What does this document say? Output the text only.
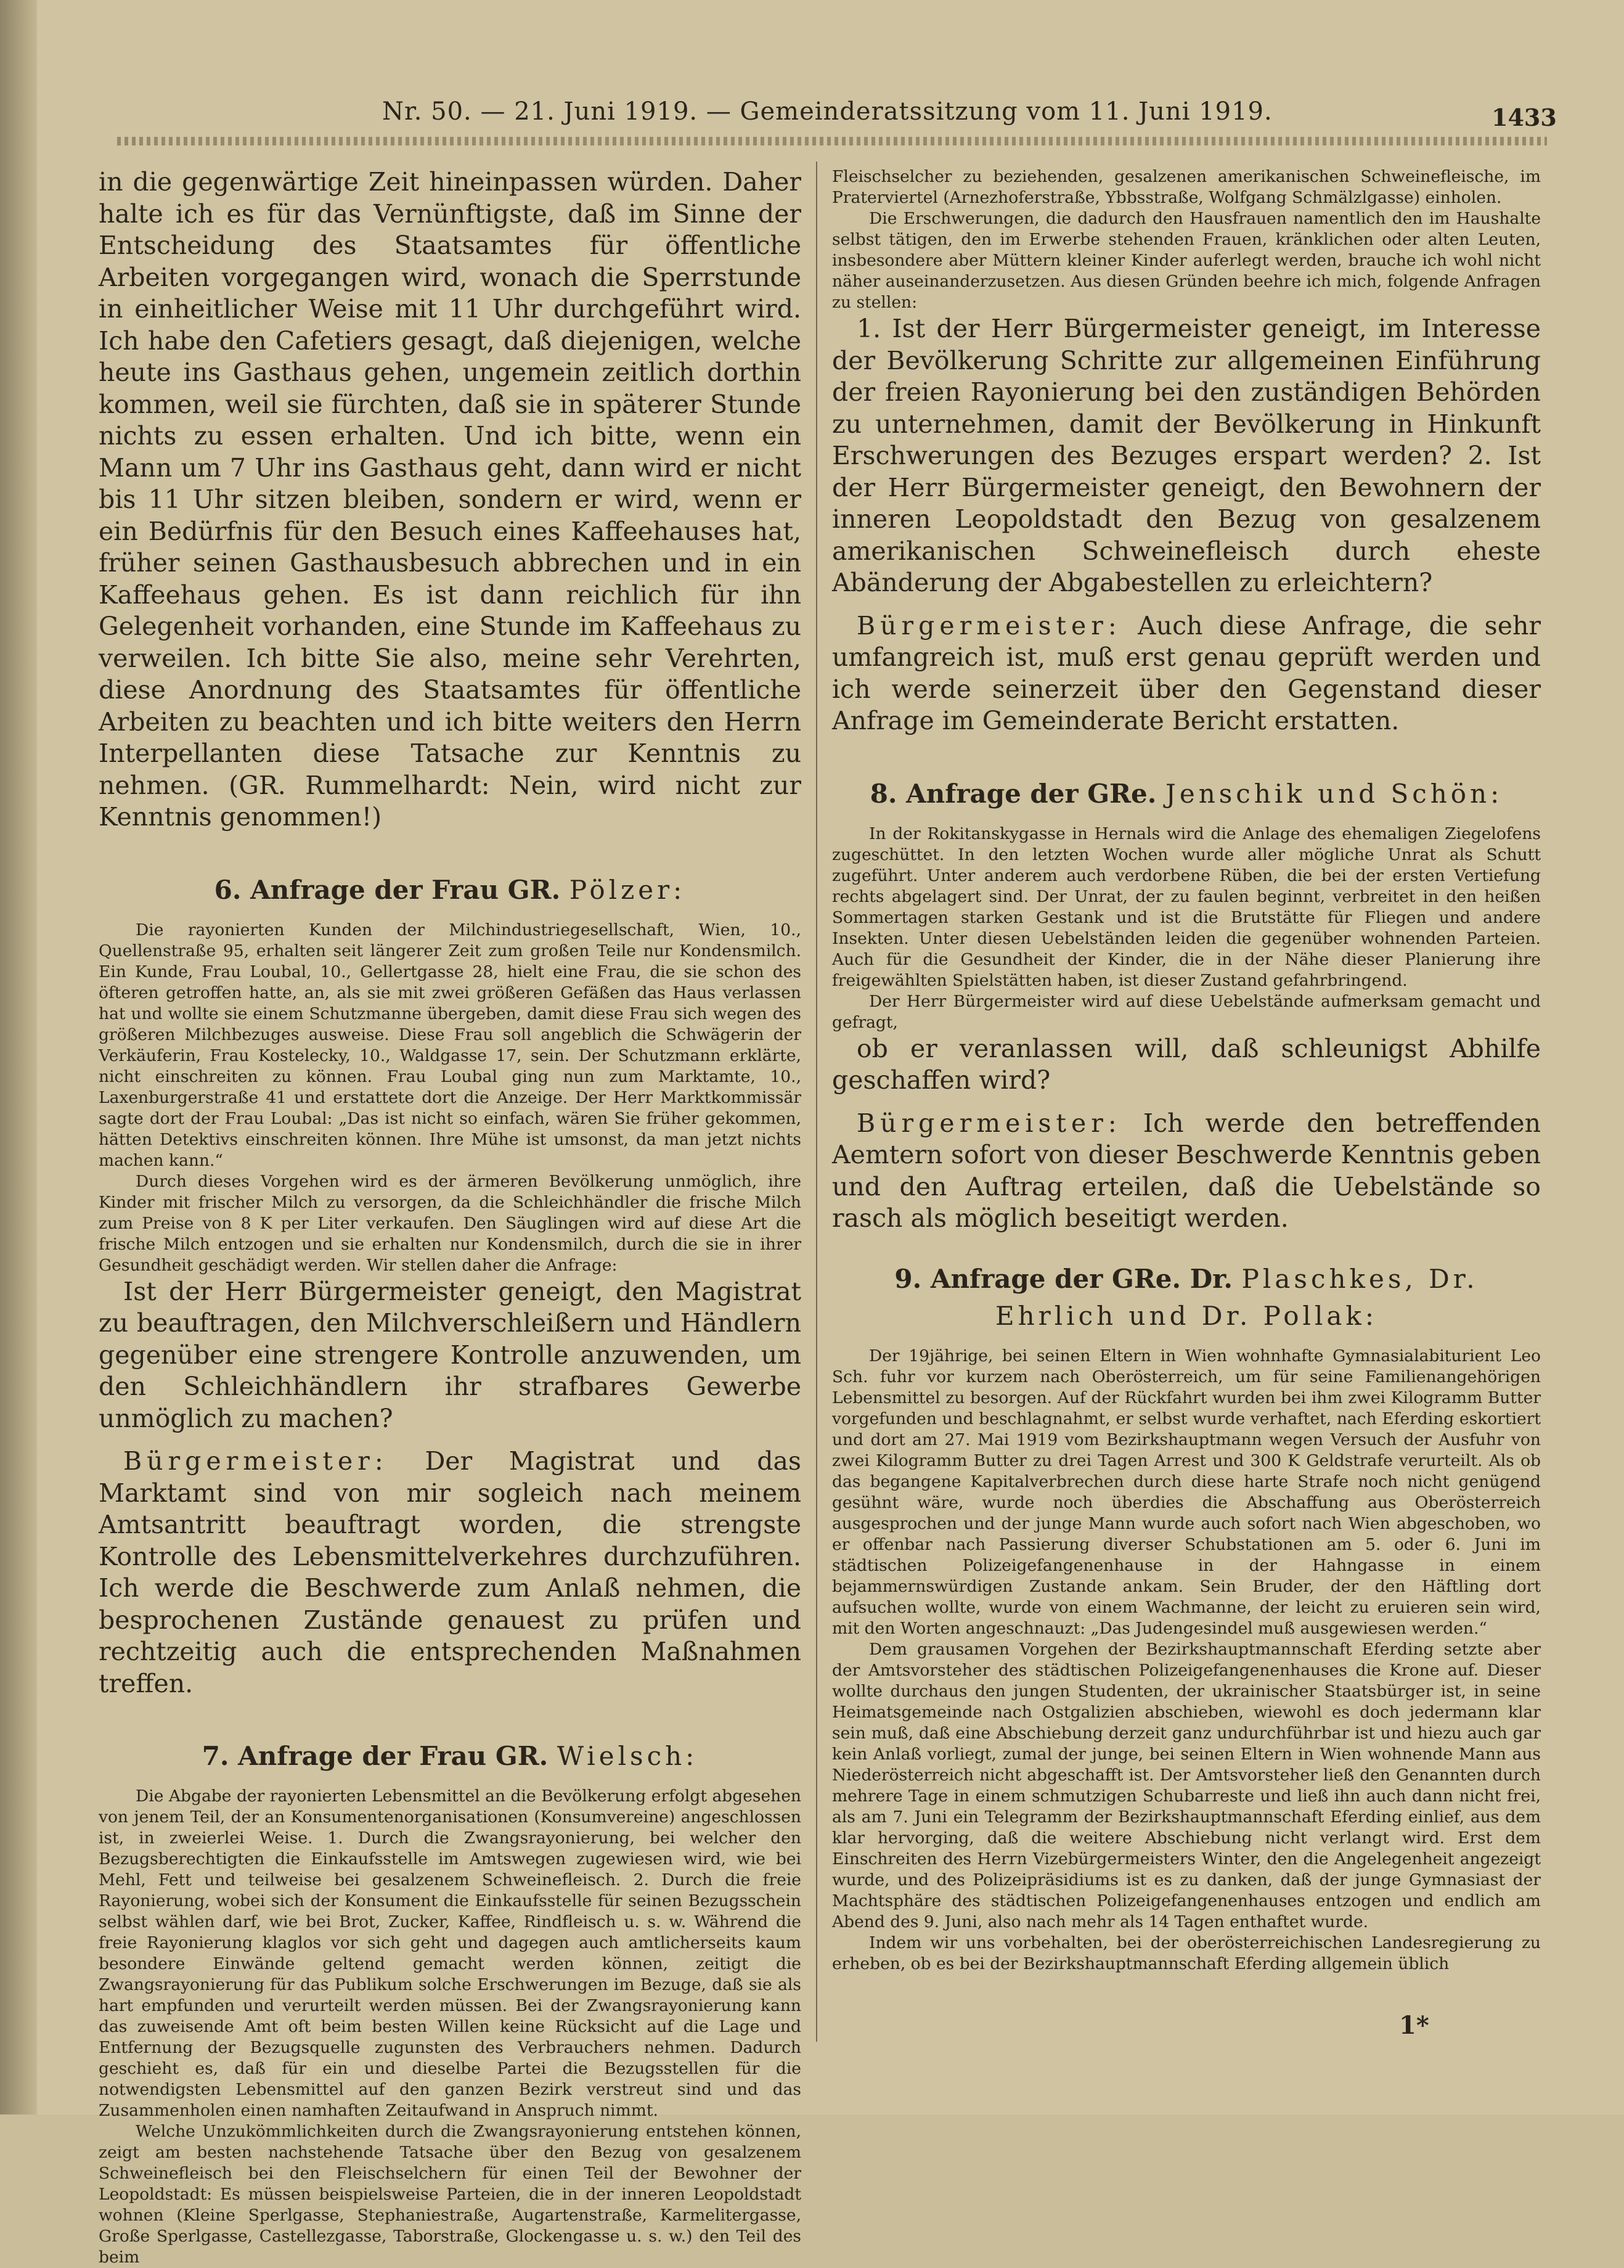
Nr. 50. — 21. Juni 1919. — Gemeinderatssitzung vom 11. Juni 1919.	1433

in die gegenwärtige Zeit hineinpassen würden. Daher halte ich es für das Vernünftigste, daß im Sinne der Entscheidung des Staatsamtes für öffentliche Arbeiten vorgegangen wird, wonach die Sperrstunde in einheitlicher Weise mit 11 Uhr durchgeführt wird. Ich habe den Cafetiers gesagt, daß diejenigen, welche heute ins Gasthaus gehen, ungemein zeitlich dorthin kommen, weil sie fürchten, daß sie in späterer Stunde nichts zu essen erhalten. Und ich bitte, wenn ein Mann um 7 Uhr ins Gasthaus geht, dann wird er nicht bis 11 Uhr sitzen bleiben, sondern er wird, wenn er ein Bedürfnis für den Besuch eines Kaffeehauses hat, früher seinen Gasthausbesuch abbrechen und in ein Kaffeehaus gehen. Es ist dann reichlich für ihn Gelegenheit vorhanden, eine Stunde im Kaffeehaus zu verweilen. Ich bitte Sie also, meine sehr Verehrten, diese Anordnung des Staatsamtes für öffentliche Arbeiten zu beachten und ich bitte weiters den Herrn Interpellanten diese Tatsache zur Kenntnis zu nehmen. (GR. Rummelhardt: Nein, wird nicht zur Kenntnis genommen!)

6. Anfrage der Frau GR. Pölzer:

Die rayonierten Kunden der Milchindustriegesellschaft, Wien, 10., Quellenstraße 95, erhalten seit längerer Zeit zum großen Teile nur Kondensmilch. Ein Kunde, Frau Loubal, 10., Gellertgasse 28, hielt eine Frau, die sie schon des öfteren getroffen hatte, an, als sie mit zwei größeren Gefäßen das Haus verlassen hat und wollte sie einem Schutzmanne übergeben, damit diese Frau sich wegen des größeren Milchbezuges ausweise. Diese Frau soll angeblich die Schwägerin der Verkäuferin, Frau Kostelecky, 10., Waldgasse 17, sein. Der Schutzmann erklärte, nicht einschreiten zu können. Frau Loubal ging nun zum Marktamte, 10., Laxenburgerstraße 41 und erstattete dort die Anzeige. Der Herr Marktkommissär sagte dort der Frau Loubal: „Das ist nicht so einfach, wären Sie früher gekommen, hätten Detektivs einschreiten können. Ihre Mühe ist umsonst, da man jetzt nichts machen kann.“

Durch dieses Vorgehen wird es der ärmeren Bevölkerung unmöglich, ihre Kinder mit frischer Milch zu versorgen, da die Schleichhändler die frische Milch zum Preise von 8 K per Liter verkaufen. Den Säuglingen wird auf diese Art die frische Milch entzogen und sie erhalten nur Kondensmilch, durch die sie in ihrer Gesundheit geschädigt werden. Wir stellen daher die Anfrage:

Ist der Herr Bürgermeister geneigt, den Magistrat zu beauftragen, den Milchverschleißern und Händlern gegenüber eine strengere Kontrolle anzuwenden, um den Schleichhändlern ihr strafbares Gewerbe unmöglich zu machen?

Bürgermeister: Der Magistrat und das Marktamt sind von mir sogleich nach meinem Amtsantritt beauftragt worden, die strengste Kontrolle des Lebensmittelverkehres durchzuführen. Ich werde die Beschwerde zum Anlaß nehmen, die besprochenen Zustände genauest zu prüfen und rechtzeitig auch die entsprechenden Maßnahmen treffen.

7. Anfrage der Frau GR. Wielsch:

Die Abgabe der rayonierten Lebensmittel an die Bevölkerung erfolgt abgesehen von jenem Teil, der an Konsumentenorganisationen (Konsumvereine) angeschlossen ist, in zweierlei Weise. 1. Durch die Zwangsrayonierung, bei welcher den Bezugsberechtigten die Einkaufsstelle im Amtswegen zugewiesen wird, wie bei Mehl, Fett und teilweise bei gesalzenem Schweinefleisch. 2. Durch die freie Rayonierung, wobei sich der Konsument die Einkaufsstelle für seinen Bezugsschein selbst wählen darf, wie bei Brot, Zucker, Kaffee, Rindfleisch u. s. w. Während die freie Rayonierung klaglos vor sich geht und dagegen auch amtlicherseits kaum besondere Einwände geltend gemacht werden können, zeitigt die Zwangsrayonierung für das Publikum solche Erschwerungen im Bezuge, daß sie als hart empfunden und verurteilt werden müssen. Bei der Zwangsrayonierung kann das zuweisende Amt oft beim besten Willen keine Rücksicht auf die Lage und Entfernung der Bezugsquelle zugunsten des Verbrauchers nehmen. Dadurch geschieht es, daß für ein und dieselbe Partei die Bezugsstellen für die notwendigsten Lebensmittel auf den ganzen Bezirk verstreut sind und das Zusammenholen einen namhaften Zeitaufwand in Anspruch nimmt.

Welche Unzukömmlichkeiten durch die Zwangsrayonierung entstehen können, zeigt am besten nachstehende Tatsache über den Bezug von gesalzenem Schweinefleisch bei den Fleischselchern für einen Teil der Bewohner der Leopoldstadt: Es müssen beispielsweise Parteien, die in der inneren Leopoldstadt wohnen (Kleine Sperlgasse, Stephaniestraße, Augartenstraße, Karmelitergasse, Große Sperlgasse, Castellezgasse, Taborstraße, Glockengasse u. s. w.) den Teil des beim

Fleischselcher zu beziehenden, gesalzenen amerikanischen Schweinefleische, im Praterviertel (Arnezhoferstraße, Ybbsstraße, Wolfgang Schmälzlgasse) einholen.

Die Erschwerungen, die dadurch den Hausfrauen namentlich den im Haushalte selbst tätigen, den im Erwerbe stehenden Frauen, kränklichen oder alten Leuten, insbesondere aber Müttern kleiner Kinder auferlegt werden, brauche ich wohl nicht näher auseinanderzusetzen. Aus diesen Gründen beehre ich mich, folgende Anfragen zu stellen:

1. Ist der Herr Bürgermeister geneigt, im Interesse der Bevölkerung Schritte zur allgemeinen Einführung der freien Rayonierung bei den zuständigen Behörden zu unternehmen, damit der Bevölkerung in Hinkunft Erschwerungen des Bezuges erspart werden? 2. Ist der Herr Bürgermeister geneigt, den Bewohnern der inneren Leopoldstadt den Bezug von gesalzenem amerikanischen Schweinefleisch durch eheste Abänderung der Abgabestellen zu erleichtern?

Bürgermeister: Auch diese Anfrage, die sehr umfangreich ist, muß erst genau geprüft werden und ich werde seinerzeit über den Gegenstand dieser Anfrage im Gemeinderate Bericht erstatten.

8. Anfrage der GRe. Jenschik und Schön:

In der Rokitanskygasse in Hernals wird die Anlage des ehemaligen Ziegelofens zugeschüttet. In den letzten Wochen wurde aller mögliche Unrat als Schutt zugeführt. Unter anderem auch verdorbene Rüben, die bei der ersten Vertiefung rechts abgelagert sind. Der Unrat, der zu faulen beginnt, verbreitet in den heißen Sommertagen starken Gestank und ist die Brutstätte für Fliegen und andere Insekten. Unter diesen Uebelständen leiden die gegenüber wohnenden Parteien. Auch für die Gesundheit der Kinder, die in der Nähe dieser Planierung ihre freigewählten Spielstätten haben, ist dieser Zustand gefahrbringend.

Der Herr Bürgermeister wird auf diese Uebelstände aufmerksam gemacht und gefragt,

ob er veranlassen will, daß schleunigst Abhilfe geschaffen wird?

Bürgermeister: Ich werde den betreffenden Aemtern sofort von dieser Beschwerde Kenntnis geben und den Auftrag erteilen, daß die Uebelstände so rasch als möglich beseitigt werden.

9. Anfrage der GRe. Dr. Plaschkes, Dr. Ehrlich und Dr. Pollak:

Der 19jährige, bei seinen Eltern in Wien wohnhafte Gymnasialabiturient Leo Sch. fuhr vor kurzem nach Oberösterreich, um für seine Familienangehörigen Lebensmittel zu besorgen. Auf der Rückfahrt wurden bei ihm zwei Kilogramm Butter vorgefunden und beschlagnahmt, er selbst wurde verhaftet, nach Eferding eskortiert und dort am 27. Mai 1919 vom Bezirkshauptmann wegen Versuch der Ausfuhr von zwei Kilogramm Butter zu drei Tagen Arrest und 300 K Geldstrafe verurteilt. Als ob das begangene Kapitalverbrechen durch diese harte Strafe noch nicht genügend gesühnt wäre, wurde noch überdies die Abschaffung aus Oberösterreich ausgesprochen und der junge Mann wurde auch sofort nach Wien abgeschoben, wo er offenbar nach Passierung diverser Schubstationen am 5. oder 6. Juni im städtischen Polizeigefangenenhause in der Hahngasse in einem bejammernswürdigen Zustande ankam. Sein Bruder, der den Häftling dort aufsuchen wollte, wurde von einem Wachmanne, der leicht zu eruieren sein wird, mit den Worten angeschnauzt: „Das Judengesindel muß ausgewiesen werden.“

Dem grausamen Vorgehen der Bezirkshauptmannschaft Eferding setzte aber der Amtsvorsteher des städtischen Polizeigefangenenhauses die Krone auf. Dieser wollte durchaus den jungen Studenten, der ukrainischer Staatsbürger ist, in seine Heimatsgemeinde nach Ostgalizien abschieben, wiewohl es doch jedermann klar sein muß, daß eine Abschiebung derzeit ganz undurchführbar ist und hiezu auch gar kein Anlaß vorliegt, zumal der junge, bei seinen Eltern in Wien wohnende Mann aus Niederösterreich nicht abgeschafft ist. Der Amtsvorsteher ließ den Genannten durch mehrere Tage in einem schmutzigen Schubarreste und ließ ihn auch dann nicht frei, als am 7. Juni ein Telegramm der Bezirkshauptmannschaft Eferding einlief, aus dem klar hervorging, daß die weitere Abschiebung nicht verlangt wird. Erst dem Einschreiten des Herrn Vizebürgermeisters Winter, den die Angelegenheit angezeigt wurde, und des Polizeipräsidiums ist es zu danken, daß der junge Gymnasiast der Machtsphäre des städtischen Polizeigefangenenhauses entzogen und endlich am Abend des 9. Juni, also nach mehr als 14 Tagen enthaftet wurde.

Indem wir uns vorbehalten, bei der oberösterreichischen Landesregierung zu erheben, ob es bei der Bezirkshauptmannschaft Eferding allgemein üblich

1*
